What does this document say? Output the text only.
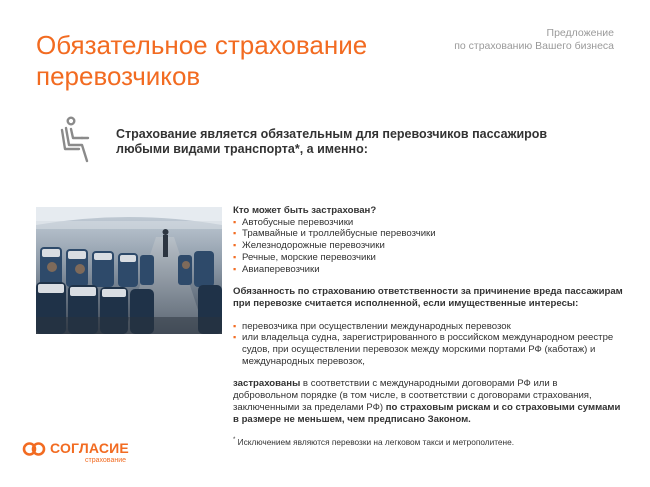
Предложение
по страхованию Вашего бизнеса
Обязательное страхование
перевозчиков
Страхование является обязательным для перевозчиков пассажиров любыми видами транспорта*, а именно:
Кто может быть застрахован?
▪ Автобусные перевозчики
▪ Трамвайные и троллейбусные перевозчики
▪ Железнодорожные перевозчики
▪ Речные, морские перевозчики
▪ Авиаперевозчики
Обязанность по страхованию ответственности за причинение вреда пассажирам при перевозке считается исполненной, если имущественные интересы:
▪ перевозчика при осуществлении международных перевозок
▪ или владельца судна, зарегистрированного в российском международном реестре судов, при осуществлении перевозок между морскими портами РФ (каботаж) и международных перевозок,
застрахованы в соответствии с международными договорами РФ или в добровольном порядке (в том числе, в соответствии с договорами страхования, заключенными за пределами РФ) по страховым рискам и со страховыми суммами в размере не меньшем, чем предписано Законом.
* Исключением являются перевозки на легковом такси и метрополитене.
СОГЛАСИЕ
страхование
